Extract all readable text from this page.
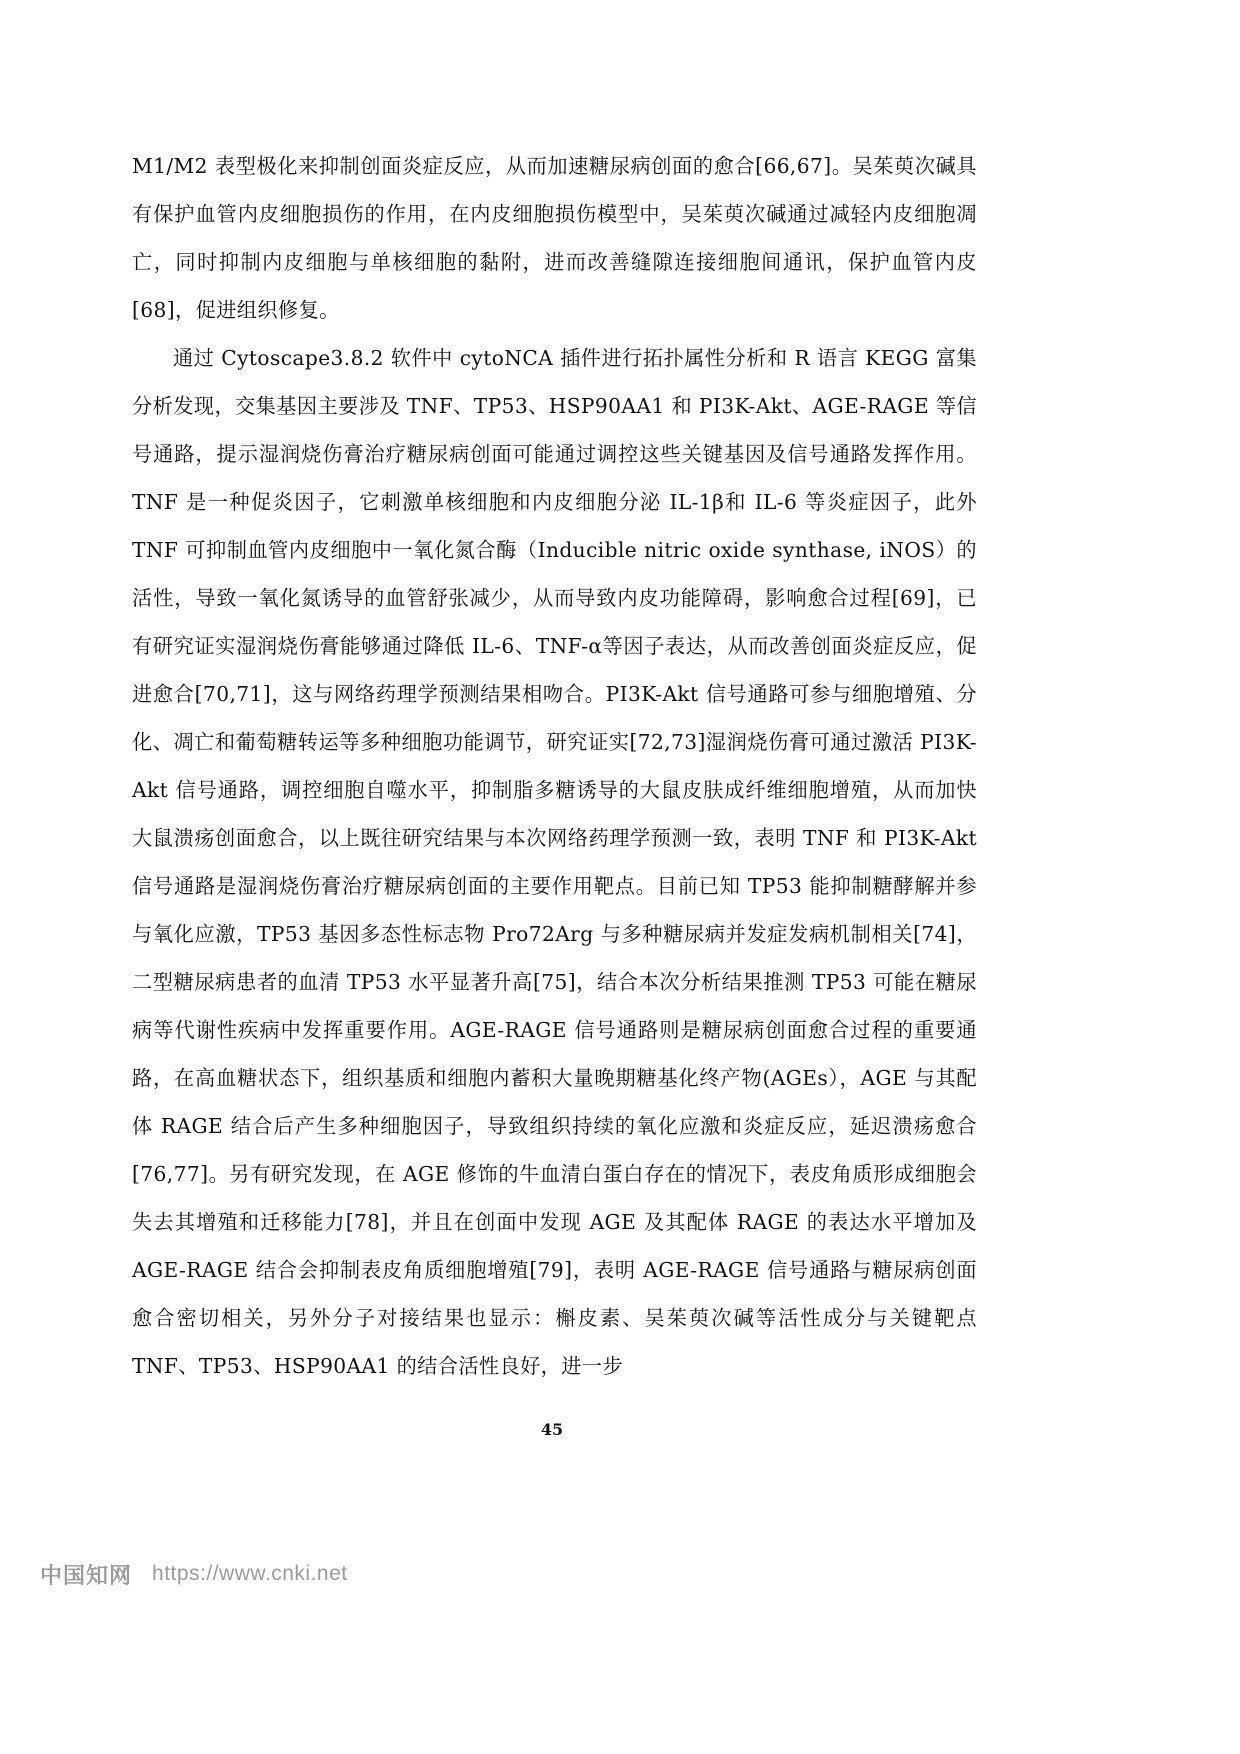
M1/M2 表型极化来抑制创面炎症反应，从而加速糖尿病创面的愈合[66,67]。吴茱萸次碱具有保护血管内皮细胞损伤的作用，在内皮细胞损伤模型中，吴茱萸次碱通过减轻内皮细胞凋亡，同时抑制内皮细胞与单核细胞的黏附，进而改善缝隙连接细胞间通讯，保护血管内皮[68]，促进组织修复。

通过 Cytoscape3.8.2 软件中 cytoNCA 插件进行拓扑属性分析和 R 语言 KEGG 富集分析发现，交集基因主要涉及 TNF、TP53、HSP90AA1 和 PI3K-Akt、AGE-RAGE 等信号通路，提示湿润烧伤膏治疗糖尿病创面可能通过调控这些关键基因及信号通路发挥作用。TNF 是一种促炎因子，它刺激单核细胞和内皮细胞分泌 IL-1β和 IL-6 等炎症因子，此外 TNF 可抑制血管内皮细胞中一氧化氮合酶（Inducible nitric oxide synthase, iNOS）的活性，导致一氧化氮诱导的血管舒张减少，从而导致内皮功能障碍，影响愈合过程[69]，已有研究证实湿润烧伤膏能够通过降低 IL-6、TNF-α等因子表达，从而改善创面炎症反应，促进愈合[70,71]，这与网络药理学预测结果相吻合。PI3K-Akt 信号通路可参与细胞增殖、分化、凋亡和葡萄糖转运等多种细胞功能调节，研究证实[72,73]湿润烧伤膏可通过激活 PI3K-Akt 信号通路，调控细胞自噬水平，抑制脂多糖诱导的大鼠皮肤成纤维细胞增殖，从而加快大鼠溃疡创面愈合，以上既往研究结果与本次网络药理学预测一致，表明 TNF 和 PI3K-Akt 信号通路是湿润烧伤膏治疗糖尿病创面的主要作用靶点。目前已知 TP53 能抑制糖酵解并参与氧化应激，TP53 基因多态性标志物 Pro72Arg 与多种糖尿病并发症发病机制相关[74]，二型糖尿病患者的血清 TP53 水平显著升高[75]，结合本次分析结果推测 TP53 可能在糖尿病等代谢性疾病中发挥重要作用。AGE-RAGE 信号通路则是糖尿病创面愈合过程的重要通路，在高血糖状态下，组织基质和细胞内蓄积大量晚期糖基化终产物(AGEs），AGE 与其配体 RAGE 结合后产生多种细胞因子，导致组织持续的氧化应激和炎症反应，延迟溃疡愈合[76,77]。另有研究发现，在 AGE 修饰的牛血清白蛋白存在的情况下，表皮角质形成细胞会失去其增殖和迁移能力[78]，并且在创面中发现 AGE 及其配体 RAGE 的表达水平增加及 AGE-RAGE 结合会抑制表皮角质细胞增殖[79]，表明 AGE-RAGE 信号通路与糖尿病创面愈合密切相关，另外分子对接结果也显示：槲皮素、吴茱萸次碱等活性成分与关键靶点 TNF、TP53、HSP90AA1 的结合活性良好，进一步

45
中国知网 https://www.cnki.net
